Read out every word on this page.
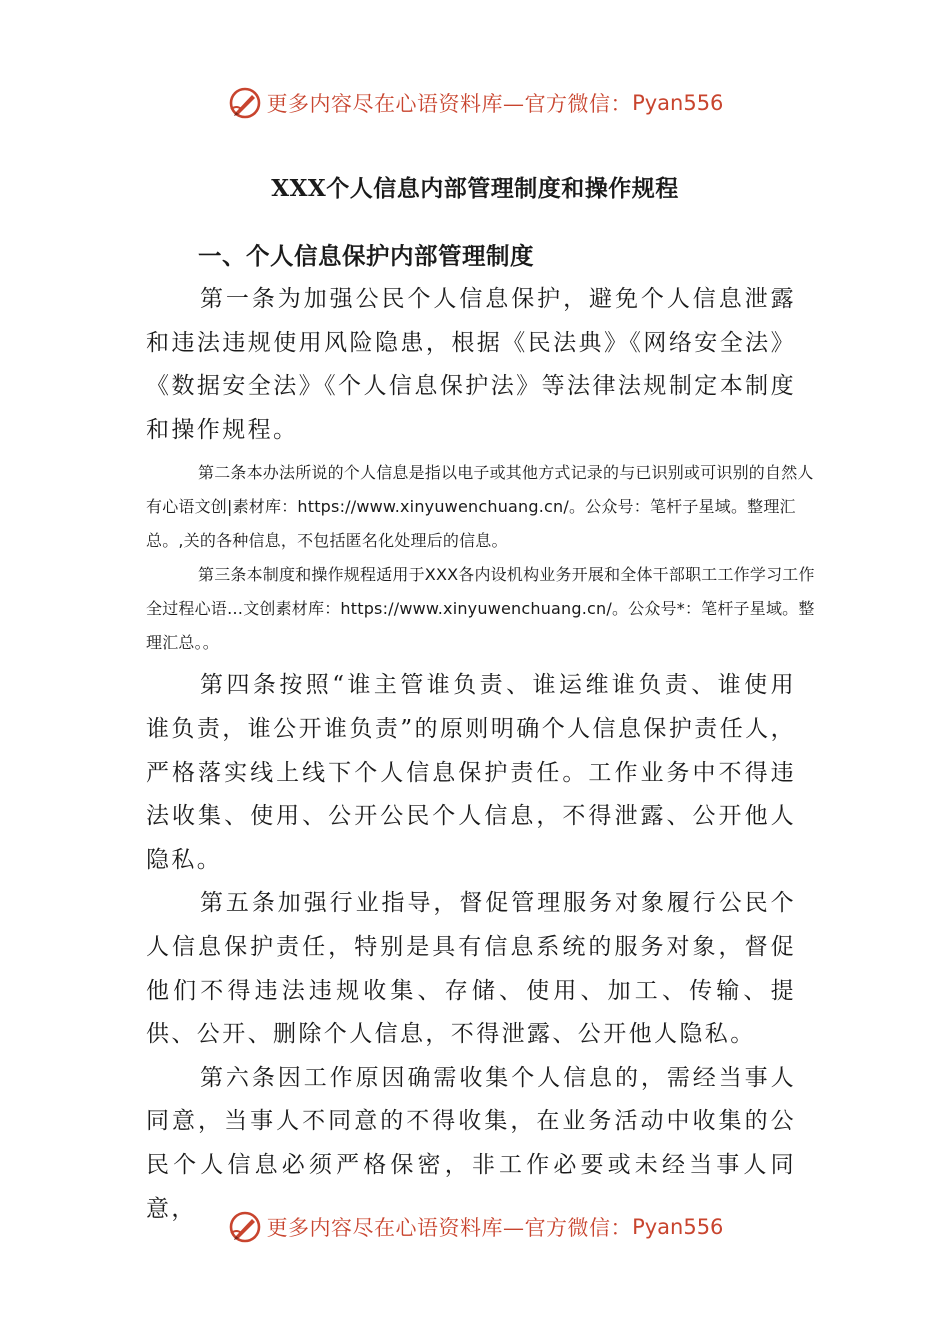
更多内容尽在心语资料库— 官方微信： Pyan556
XXX个人信息内部管理制度和操作规程

一、个人信息保护内部管理制度

第一条为加强公民个人信息保护，避免个人信息泄露和违法违规使用风险隐患，根据《民法典》《网络安全法》《数据安全法》《个人信息保护法》等法律法规制定本制度和操作规程。

第二条本办法所说的个人信息是指以电子或其他方式记录的与已识别或可识别的自然人有心语文创|素材库：https://www.xinyuwenchuang.cn/。公众号：笔杆子星域。整理汇总。,关的各种信息，不包括匿名化处理后的信息。

第三条本制度和操作规程适用于XXX各内设机构业务开展和全体干部职工工作学习工作全过程心语…文创素材库：https://www.xinyuwenchuang.cn/。公众号*：笔杆子星域。整理汇总。。

第四条按照“谁主管谁负责、谁运维谁负责、谁使用谁负责，谁公开谁负责”的原则明确个人信息保护责任人，严格落实线上线下个人信息保护责任。工作业务中不得违法收集、使用、公开公民个人信息，不得泄露、公开他人隐私。

第五条加强行业指导，督促管理服务对象履行公民个人信息保护责任，特别是具有信息系统的服务对象，督促他们不得违法违规收集、存储、使用、加工、传输、提供、公开、删除个人信息，不得泄露、公开他人隐私。

第六条因工作原因确需收集个人信息的，需经当事人同意，当事人不同意的不得收集，在业务活动中收集的公民个人信息必须严格保密，非工作必要或未经当事人同意，

更多内容尽在心语资料库— 官方微信： Pyan556
